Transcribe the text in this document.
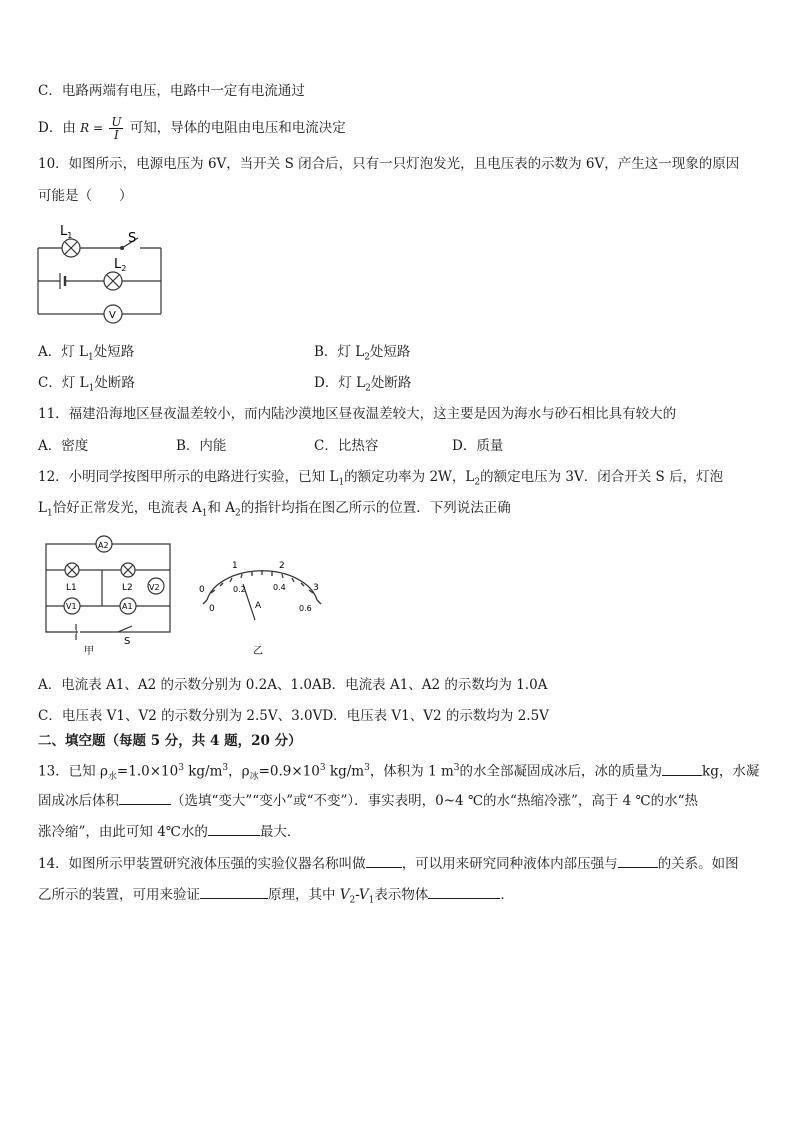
C．电路两端有电压，电路中一定有电流通过
D．由 $R = \frac{U}{I}$ 可知，导体的电阻由电压和电流决定
10．如图所示，电源电压为 6V，当开关 S 闭合后，只有一只灯泡发光，且电压表的示数为 6V，产生这一现象的原因
可能是（　　）
$L_1$	S
$L_2$
V
A．灯 $L_1$处短路	B．灯 $L_2$处短路
C．灯 $L_1$处断路	D．灯 $L_2$处断路
11．福建沿海地区昼夜温差较小，而内陆沙漠地区昼夜温差较大，这主要是因为海水与砂石相比具有较大的
A．密度	B．内能	C．比热容	D．质量
12．小明同学按图甲所示的电路进行实验，已知 $L_1$的额定功率为 2W，$L_2$的额定电压为 3V．闭合开关 S 后，灯泡
$L_1$恰好正常发光，电流表 $A_1$和 $A_2$的指针均指在图乙所示的位置．下列说法正确
A2
V2
L1	L2
V1	A1
S
甲
0
1	2
3
0
0.2	0.4
0.6
A
乙
A．电流表 A1、A2 的示数分别为 0.2A、1.0AB．电流表 A1、A2 的示数均为 1.0A
C．电压表 V1、V2 的示数分别为 2.5V、3.0VD．电压表 V1、V2 的示数均为 2.5V
二、填空题（每题 5 分，共 4 题，20 分）
13．已知 $\rho_水=1.0\times 10^3$ $kg/m^3$，$\rho_冰=0.9\times 10^3$ $kg/m^3$，体积为 1 $m^3$的水全部凝固成冰后，冰的质量为	kg，水凝
固成冰后体积	（选填“变大”“变小”或“不变”）．事实表明，0~4 ℃的水“热缩冷涨”，高于 4 ℃的水“热
涨冷缩”，由此可知 4℃水的	最大．
14．如图所示甲装置研究液体压强的实验仪器名称叫做	，可以用来研究同种液体内部压强与	的关系。如图
乙所示的装置，可用来验证	原理，其中 $V_2-V_1$表示物体	．
